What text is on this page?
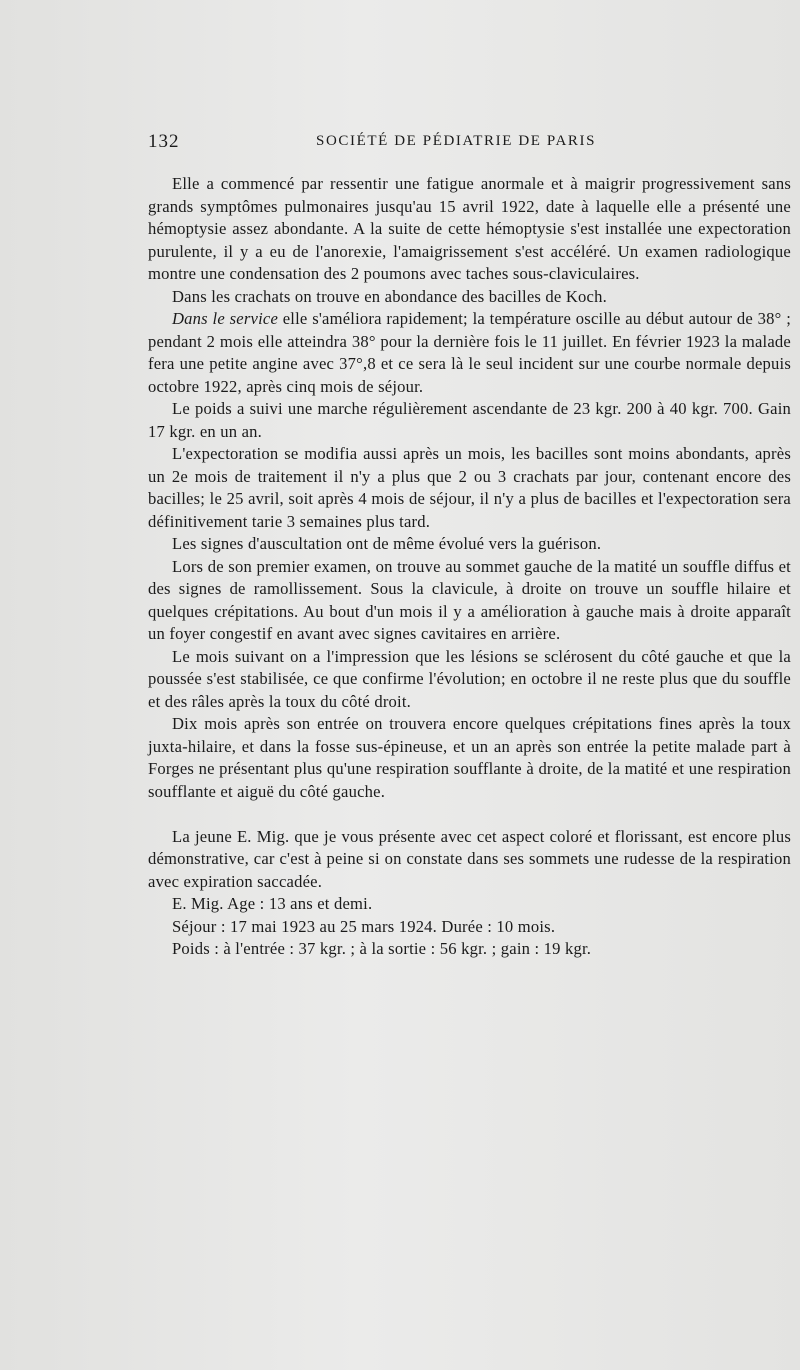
132	SOCIÉTÉ DE PÉDIATRIE DE PARIS

Elle a commencé par ressentir une fatigue anormale et à maigrir progressivement sans grands symptômes pulmonaires jusqu'au 15 avril 1922, date à laquelle elle a présenté une hémoptysie assez abondante. A la suite de cette hémoptysie s'est installée une expectoration purulente, il y a eu de l'anorexie, l'amaigrissement s'est accéléré. Un examen radiologique montre une condensation des 2 poumons avec taches sous-claviculaires.

Dans les crachats on trouve en abondance des bacilles de Koch.

Dans le service elle s'améliora rapidement; la température oscille au début autour de 38° ; pendant 2 mois elle atteindra 38° pour la dernière fois le 11 juillet. En février 1923 la malade fera une petite angine avec 37°,8 et ce sera là le seul incident sur une courbe normale depuis octobre 1922, après cinq mois de séjour.

Le poids a suivi une marche régulièrement ascendante de 23 kgr. 200 à 40 kgr. 700. Gain 17 kgr. en un an.

L'expectoration se modifia aussi après un mois, les bacilles sont moins abondants, après un 2e mois de traitement il n'y a plus que 2 ou 3 crachats par jour, contenant encore des bacilles; le 25 avril, soit après 4 mois de séjour, il n'y a plus de bacilles et l'expectoration sera définitivement tarie 3 semaines plus tard.

Les signes d'auscultation ont de même évolué vers la guérison.

Lors de son premier examen, on trouve au sommet gauche de la matité un souffle diffus et des signes de ramollissement. Sous la clavicule, à droite on trouve un souffle hilaire et quelques crépitations. Au bout d'un mois il y a amélioration à gauche mais à droite apparaît un foyer congestif en avant avec signes cavitaires en arrière.

Le mois suivant on a l'impression que les lésions se sclérosent du côté gauche et que la poussée s'est stabilisée, ce que confirme l'évolution; en octobre il ne reste plus que du souffle et des râles après la toux du côté droit.

Dix mois après son entrée on trouvera encore quelques crépitations fines après la toux juxta-hilaire, et dans la fosse sus-épineuse, et un an après son entrée la petite malade part à Forges ne présentant plus qu'une respiration soufflante à droite, de la matité et une respiration soufflante et aiguë du côté gauche.

La jeune E. Mig. que je vous présente avec cet aspect coloré et florissant, est encore plus démonstrative, car c'est à peine si on constate dans ses sommets une rudesse de la respiration avec expiration saccadée.

E. Mig. Age : 13 ans et demi.

Séjour : 17 mai 1923 au 25 mars 1924. Durée : 10 mois.

Poids : à l'entrée : 37 kgr. ; à la sortie : 56 kgr. ; gain : 19 kgr.
